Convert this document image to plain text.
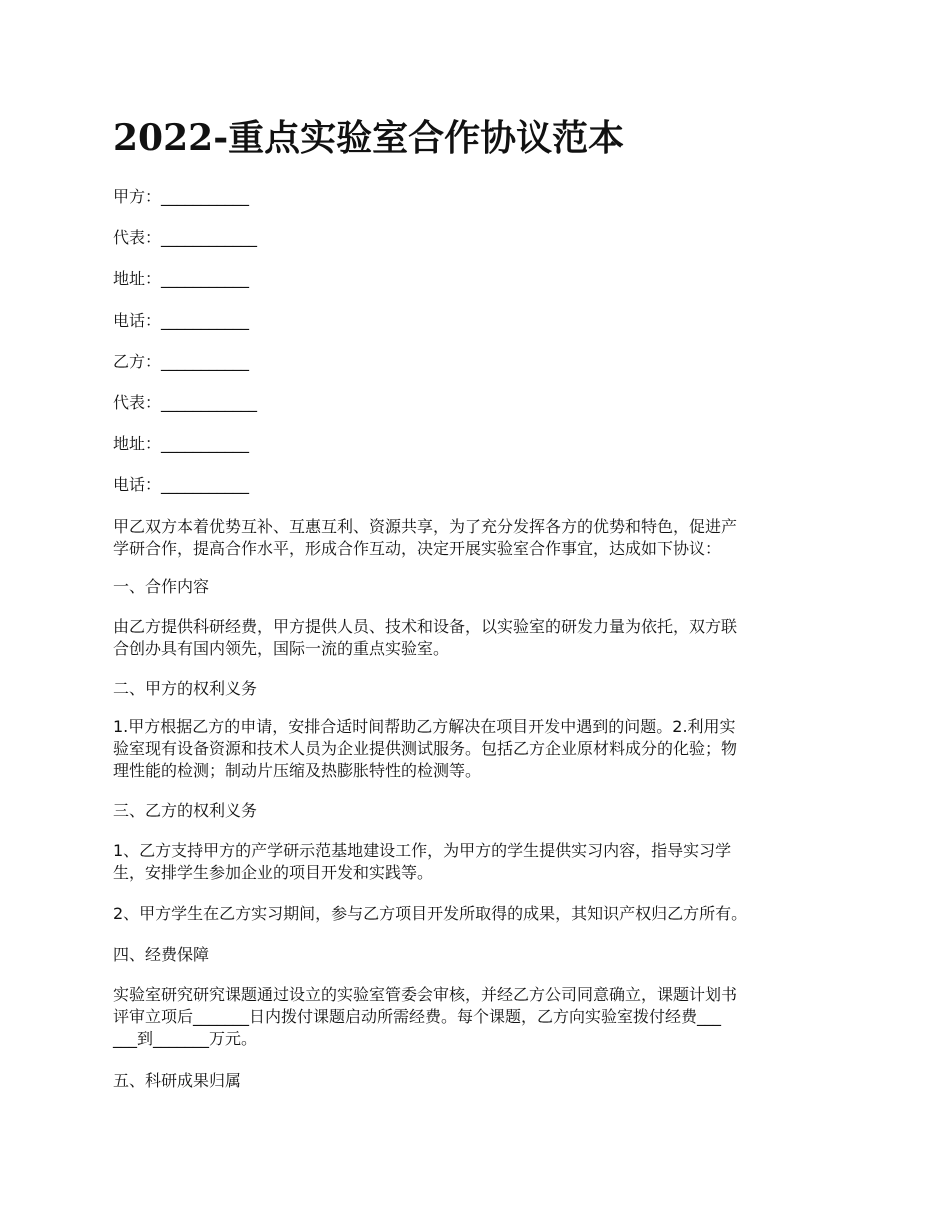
2022-重点实验室合作协议范本
甲方：___________
代表：____________
地址：___________
电话：___________
乙方：___________
代表：____________
地址：___________
电话：___________
甲乙双方本着优势互补、互惠互利、资源共享，为了充分发挥各方的优势和特色，促进产
学研合作，提高合作水平，形成合作互动，决定开展实验室合作事宜，达成如下协议：
一、合作内容
由乙方提供科研经费，甲方提供人员、技术和设备，以实验室的研发力量为依托，双方联
合创办具有国内领先，国际一流的重点实验室。
二、甲方的权利义务
1.甲方根据乙方的申请，安排合适时间帮助乙方解决在项目开发中遇到的问题。2.利用实
验室现有设备资源和技术人员为企业提供测试服务。包括乙方企业原材料成分的化验；物
理性能的检测；制动片压缩及热膨胀特性的检测等。
三、乙方的权利义务
1、乙方支持甲方的产学研示范基地建设工作，为甲方的学生提供实习内容，指导实习学
生，安排学生参加企业的项目开发和实践等。
2、甲方学生在乙方实习期间，参与乙方项目开发所取得的成果，其知识产权归乙方所有。
四、经费保障
实验室研究研究课题通过设立的实验室管委会审核，并经乙方公司同意确立，课题计划书
评审立项后_______日内拨付课题启动所需经费。每个课题，乙方向实验室拨付经费___
___到_______万元。
五、科研成果归属
